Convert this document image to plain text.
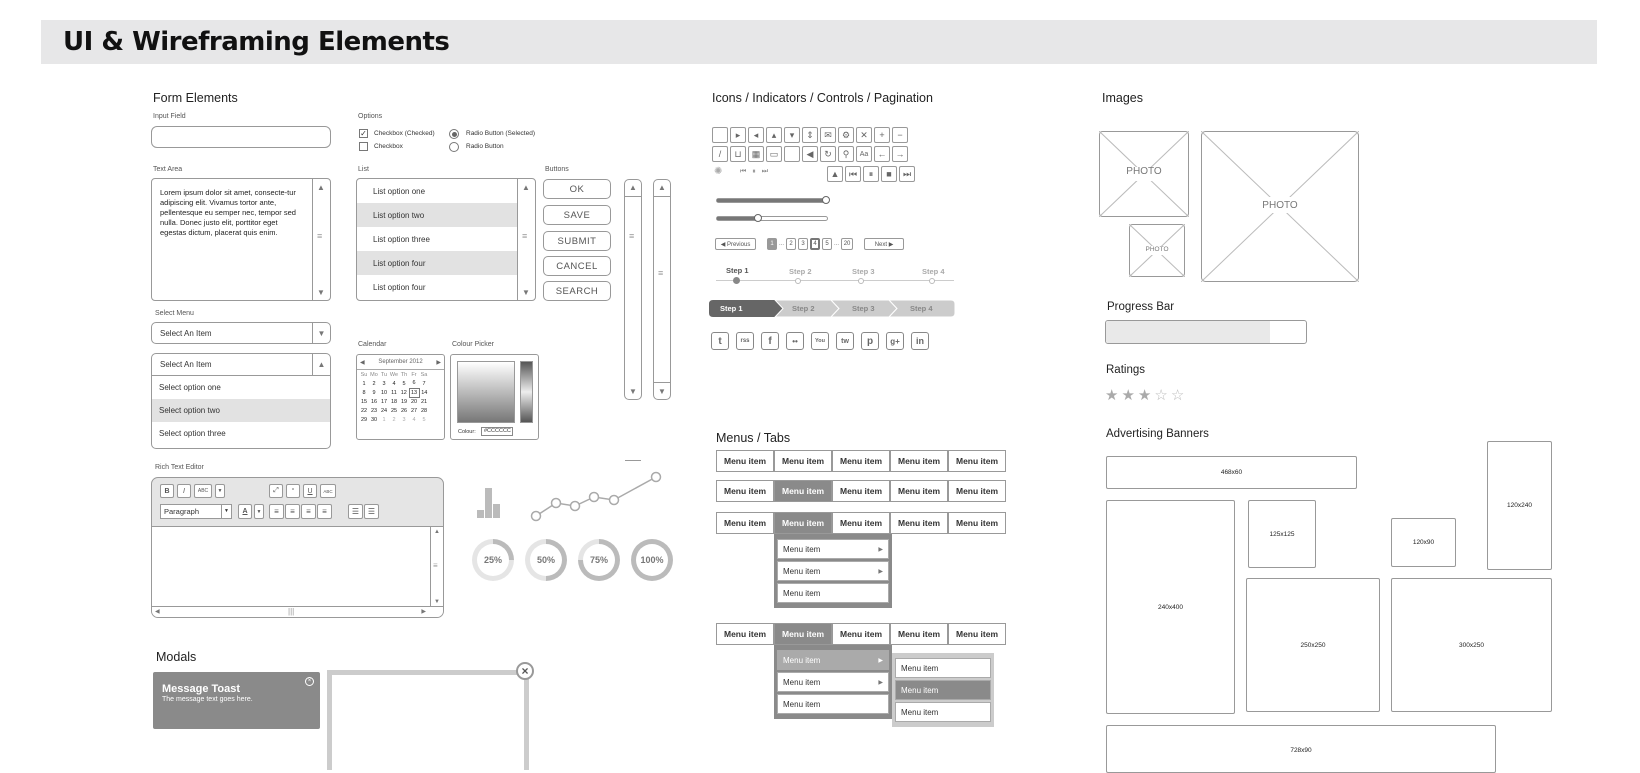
UI & Wireframing Elements
Form Elements
Input Field	Options
✓ Checkbox (Checked)
Checkbox
Radio Button (Selected)
Radio Button
Text Area
Lorem ipsum dolor sit amet, consecte-tur adipiscing elit. Vivamus tortor ante, pellentesque eu semper nec, tempor sed nulla. Donec justo elit, porttitor eget egestas dictum, placerat quis enim.
▲
≡
▼
List
List option one
List option two
List option three
List option four
List option four
▲
≡
▼
Buttons
OK
SAVE
SUBMIT
CANCEL
SEARCH
▲
≡
▼
▲
≡
▼
Select Menu
Select An Item	▼
Select An Item	▲
Select option one
Select option two
Select option three
Calendar
◀ September 2012 ▶
Su	Mo	Tu	We	Th	Fr	Sa
1	2	3	4	5	6	7
8	9	10	11	12	13	14
15	16	17	18	19	20	21
22	23	24	25	26	27	28
29	30	1	2	3	4	5
Colour Picker
Colour:	#CCCCCC
Rich Text Editor
B	I	ABC	▼	⤢	“	U	ABC
Paragraph	▼	A	▼	≡	≡	≡	≡	☰	☰
▲
≡
▼
◀	|||	▶
25%	50%	75%	100%
Modals
Message Toast
The message text goes here.
×
×
Icons / Indicators / Controls / Pagination
▸	◂	▴	▾	⇕	✉	⚙	✕	+	−
/	⊔	▦	▭	◀	↻	⚲	Aa	←	→
✺	⏮ ⏸ ⏭	▲	⏮	⏸	■	⏭
◀ Previous	1 ... 2	3	4	5 ... 20	Next ▶
Step 1	Step 2	Step 3	Step 4
Step 1	Step 2	Step 3	Step 4
t	rss	f	••	You	tw	p	g+	in
Menus / Tabs
Menu item	Menu item	Menu item	Menu item	Menu item
Menu item	Menu item	Menu item	Menu item	Menu item
Menu item	Menu item	Menu item	Menu item	Menu item
Menu item	▶
Menu item	▶
Menu item
Menu item	Menu item	Menu item	Menu item	Menu item
Menu item	▶
Menu item	▶
Menu item
Menu item
Menu item
Menu item
Images
PHOTO
PHOTO
PHOTO
Progress Bar
Ratings
★ ★ ★ ☆ ☆
Advertising Banners
468x60
120x240
240x400
125x125
120x90
250x250	300x250
728x90
